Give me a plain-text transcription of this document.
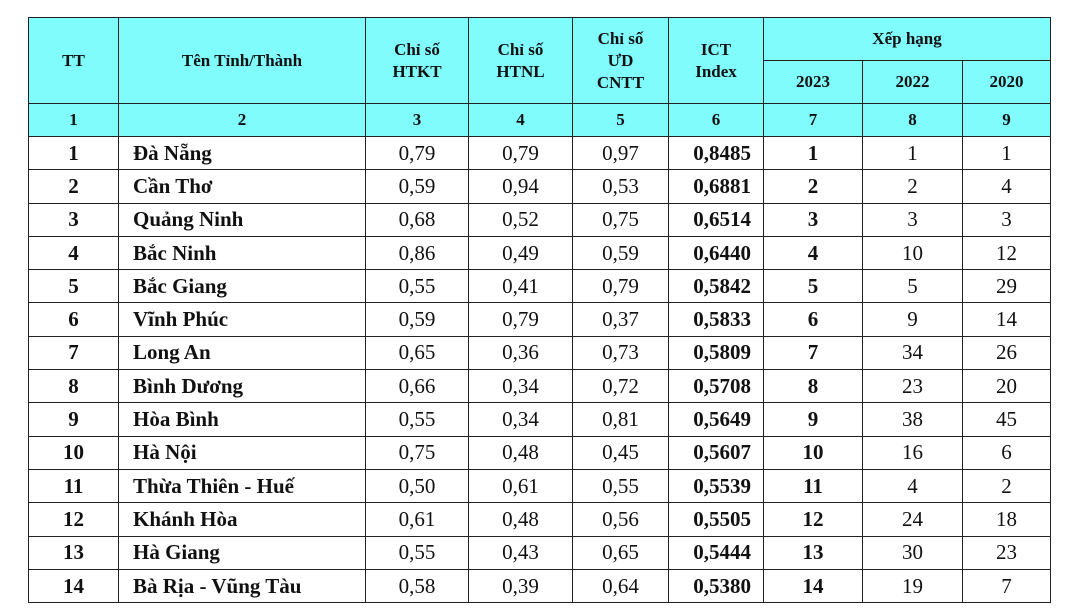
TT	Tên Tỉnh/Thành	Chỉ số HTKT	Chỉ số HTNL	Chỉ số ƯD CNTT	ICT Index	Xếp hạng		
						2023	2022	2020
1	2	3	4	5	6	7	8	9
1	Đà Nẵng	0,79	0,79	0,97	0,8485	1	1	1
2	Cần Thơ	0,59	0,94	0,53	0,6881	2	2	4
3	Quảng Ninh	0,68	0,52	0,75	0,6514	3	3	3
4	Bắc Ninh	0,86	0,49	0,59	0,6440	4	10	12
5	Bắc Giang	0,55	0,41	0,79	0,5842	5	5	29
6	Vĩnh Phúc	0,59	0,79	0,37	0,5833	6	9	14
7	Long An	0,65	0,36	0,73	0,5809	7	34	26
8	Bình Dương	0,66	0,34	0,72	0,5708	8	23	20
9	Hòa Bình	0,55	0,34	0,81	0,5649	9	38	45
10	Hà Nội	0,75	0,48	0,45	0,5607	10	16	6
11	Thừa Thiên - Huế	0,50	0,61	0,55	0,5539	11	4	2
12	Khánh Hòa	0,61	0,48	0,56	0,5505	12	24	18
13	Hà Giang	0,55	0,43	0,65	0,5444	13	30	23
14	Bà Rịa - Vũng Tàu	0,58	0,39	0,64	0,5380	14	19	7
